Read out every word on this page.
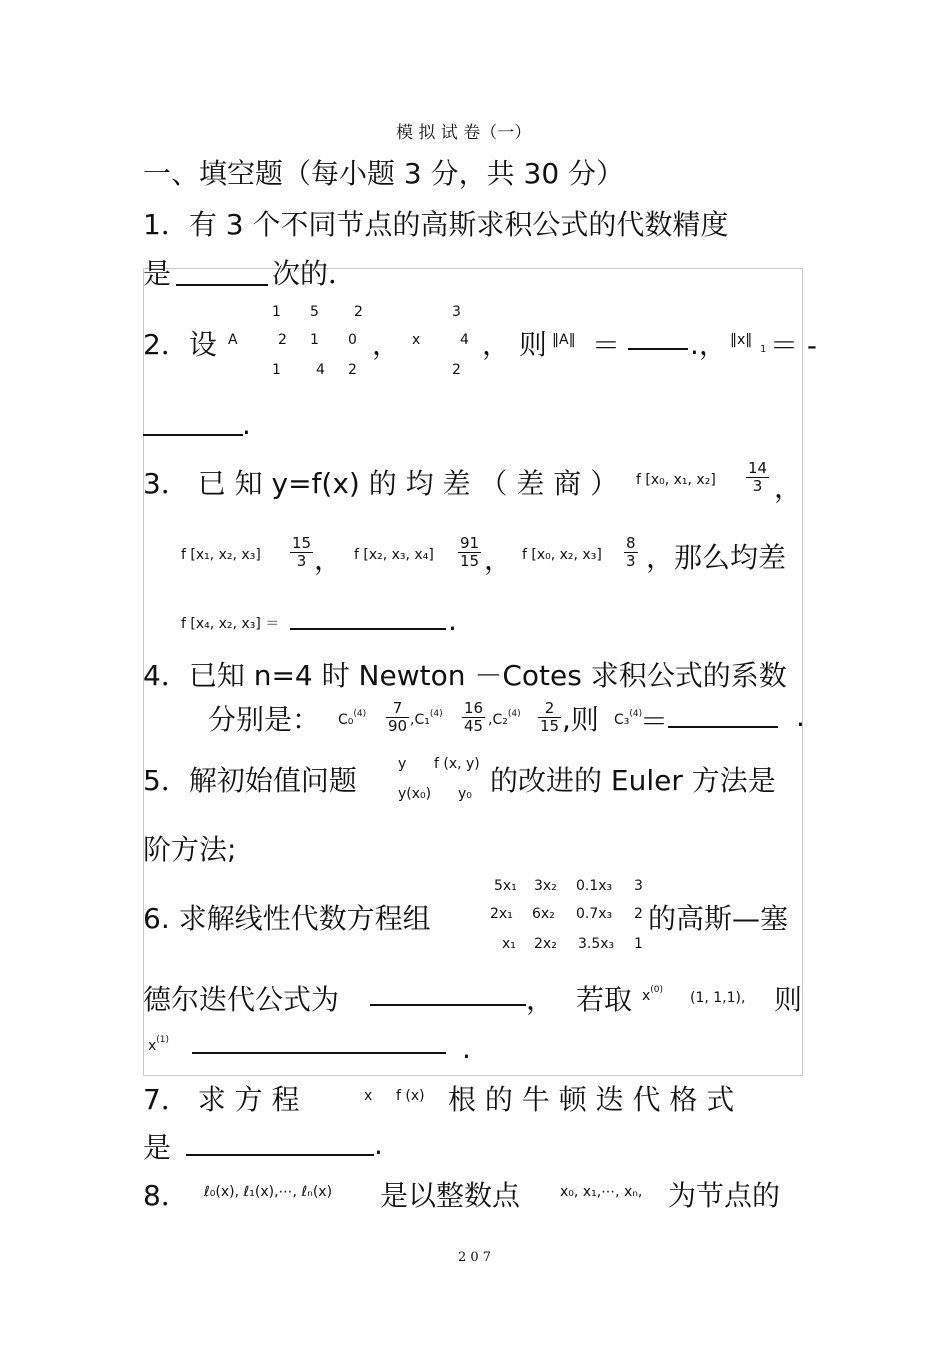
模 拟 试 卷（一）
一、填空题（每小题 3 分，共 30 分）
1．有 3 个不同节点的高斯求积公式的代数精度
是	次的．
2．设 A
1 5	2
2 1 0
1	4 2
， x
3
4
2
， 则 ‖A‖ ＝ .， ‖x‖
1 ＝ -
.
3． 已 知 y=f(x) 的 均 差 （ 差 商 ） f [x₀, x₁, $x_2] \frac{14}{3}$ ，
f [x₁, x₂, $x_3] \frac{15}{3}$ ， f [x₂, x₃, $x_4] \frac{91}{15}$ ， f [x₀, x₂, $x_3] \frac{8}{3}$ ，那么均差
f [x₄, x₂, x₃] ＝	.
4．已知 n=4 时 Newton －Cotes 求积公式的系数
分别是： $C_0^{(4)} \frac{7}{90} ,C_1^{(4)} \frac{16}{45} ,C_2^{(4)} \frac{2}{15}$ ,则 C₃$^{(4)}$
＝	.
5．解初始值问题	y f (x, y)
y(x₀) y₀ 的改进的 Euler 方法是
阶方法;
6. 求解线性代数方程组
5x₁ 3x₂ 0.1x₃ 3
2x₁ 6x₂ 0.7x₃ 2
x₁ 2x₂ 3.5x₃ 1
的高斯—塞
德尔迭代公式为	， 若取 $x^{(0)}$ (1, 1,1), 则
$x^{(1)}$	.
7． 求 方 程	x f (x) 根 的 牛 顿 迭 代 格 式
是	.
8． ℓ₀(x), ℓ₁(x),⋯, ℓₙ(x) 是以整数点	x₀, x₁,⋯, xₙ, 为节点的
2 0 7
